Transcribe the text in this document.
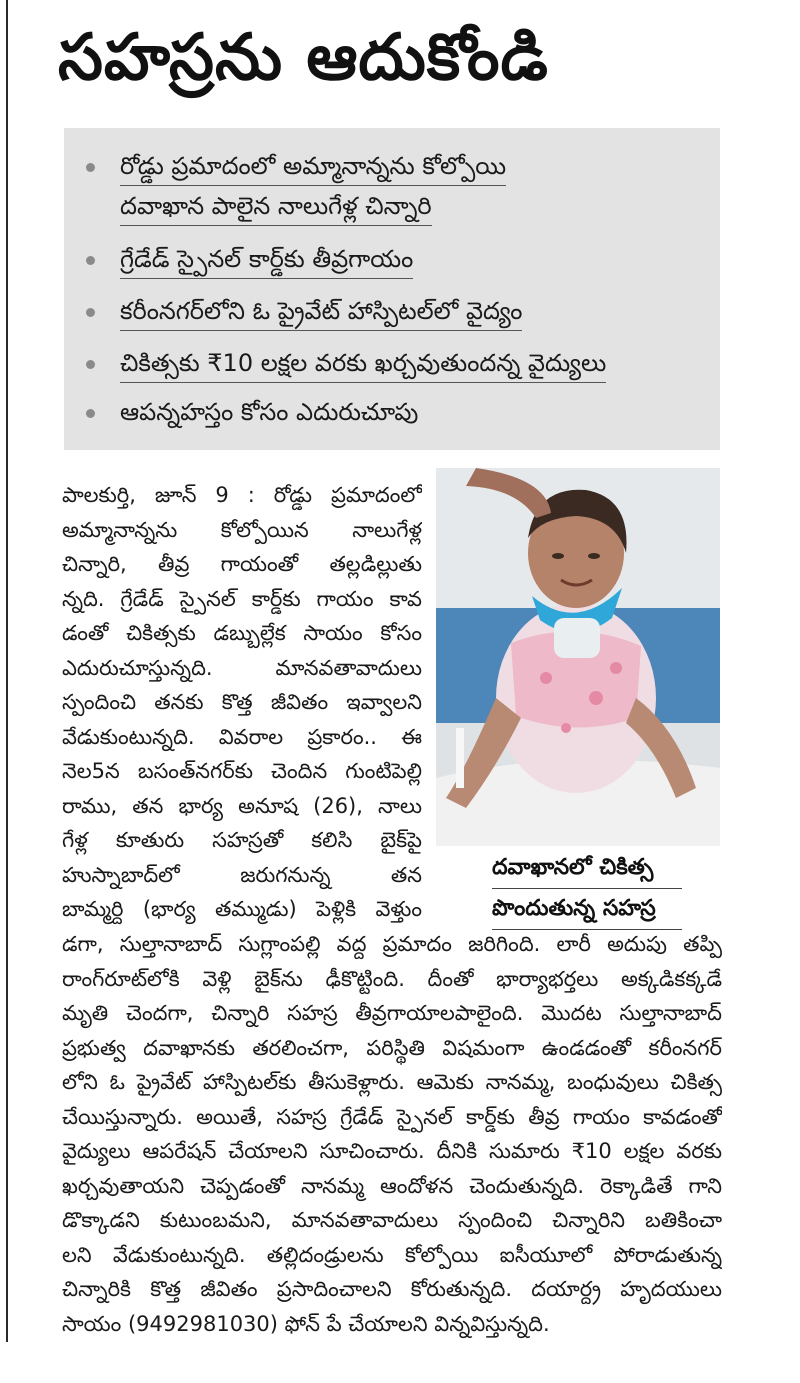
సహస్రను ఆదుకోండి
రోడ్డు ప్రమాదంలో అమ్మానాన్నను కోల్పోయి
దవాఖాన పాలైన నాలుగేళ్ల చిన్నారి
గ్రేడేడ్ స్పైనల్ కార్డ్‌కు తీవ్రగాయం
కరీంనగర్‌లోని ఓ ప్రైవేట్ హాస్పిటల్‌లో వైద్యం
చికిత్సకు ₹10 లక్షల వరకు ఖర్చవుతుందన్న వైద్యులు
ఆపన్నహస్తం కోసం ఎదురుచూపు
దవాఖానలో చికిత్స
పొందుతున్న సహస్ర
పాలకుర్తి, జూన్ 9 : రోడ్డు ప్రమాదంలో
అమ్మానాన్నను కోల్పోయిన నాలుగేళ్ల
చిన్నారి, తీవ్ర గాయంతో తల్లడిల్లుతు
న్నది. గ్రేడేడ్ స్పైనల్ కార్డ్‌కు గాయం కావ
డంతో చికిత్సకు డబ్బుల్లేక సాయం కోసం
ఎదురుచూస్తున్నది. మానవతావాదులు
స్పందించి తనకు కొత్త జీవితం ఇవ్వాలని
వేడుకుంటున్నది. వివరాల ప్రకారం.. ఈ
నెల5న బసంత్‌నగర్‌కు చెందిన గుంటిపెల్లి
రాము, తన భార్య అనూష (26), నాలు
గేళ్ల కూతురు సహస్రతో కలిసి బైక్‌పై
హుస్నాబాద్‌లో జరుగనున్న తన
బామ్మర్ది (భార్య తమ్ముడు) పెళ్లికి వెళ్తుం
డగా, సుల్తానాబాద్ సుగ్లాంపల్లి వద్ద ప్రమాదం జరిగింది. లారీ అదుపు తప్పి
రాంగ్‌రూట్‌లోకి వెళ్లి బైక్‌ను ఢీకొట్టింది. దీంతో భార్యాభర్తలు అక్కడికక్కడే
మృతి చెందగా, చిన్నారి సహస్ర తీవ్రగాయాలపాలైంది. మొదట సుల్తానాబాద్
ప్రభుత్వ దవాఖానకు తరలించగా, పరిస్థితి విషమంగా ఉండడంతో కరీంనగర్
లోని ఓ ప్రైవేట్ హాస్పిటల్‌కు తీసుకెళ్లారు. ఆమెకు నానమ్మ, బంధువులు చికిత్స
చేయిస్తున్నారు. అయితే, సహస్ర గ్రేడేడ్ స్పైనల్ కార్డ్‌కు తీవ్ర గాయం కావడంతో
వైద్యులు ఆపరేషన్ చేయాలని సూచించారు. దీనికి సుమారు ₹10 లక్షల వరకు
ఖర్చవుతాయని చెప్పడంతో నానమ్మ ఆందోళన చెందుతున్నది. రెక్కాడితే గాని
డొక్కాడని కుటుంబమని, మానవతావాదులు స్పందించి చిన్నారిని బతికించా
లని వేడుకుంటున్నది. తల్లిదండ్రులను కోల్పోయి ఐసీయూలో పోరాడుతున్న
చిన్నారికి కొత్త జీవితం ప్రసాదించాలని కోరుతున్నది. దయార్ద్ర హృదయులు
సాయం (9492981030) ఫోన్ పే చేయాలని విన్నవిస్తున్నది.
